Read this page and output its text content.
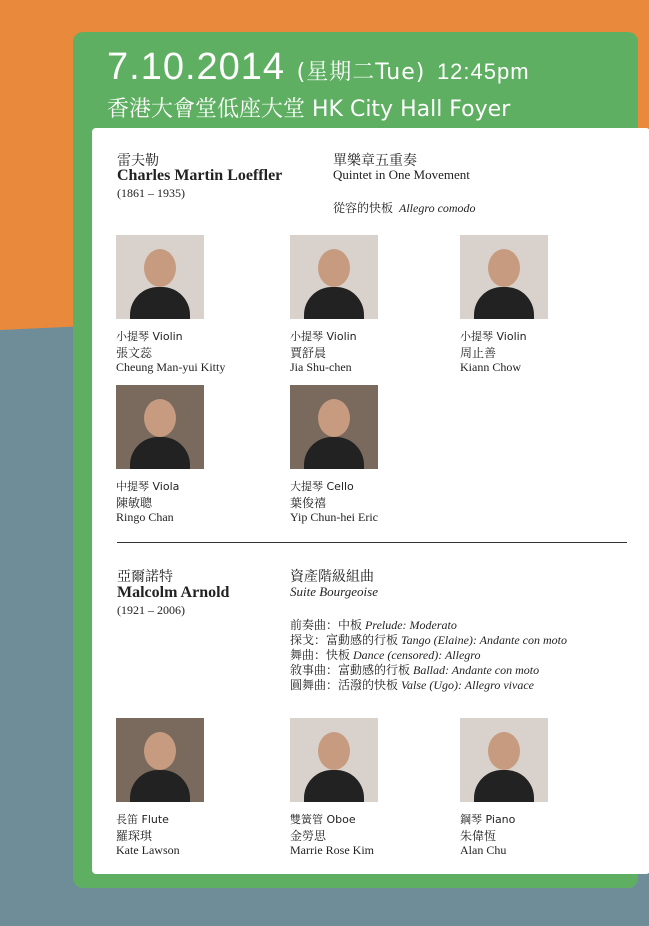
7.10.2014 (星期二Tue) 12:45pm
香港大會堂低座大堂 HK City Hall Foyer
雷夫勒
Charles Martin Loeffler
(1861 – 1935)
單樂章五重奏
Quintet in One Movement
從容的快板 Allegro comodo
小提琴 Violin
張文蕊
Cheung Man-yui Kitty
小提琴 Violin
賈舒晨
Jia Shu-chen
小提琴 Violin
周止善
Kiann Chow
中提琴 Viola
陳敏聰
Ringo Chan
大提琴 Cello
葉俊禧
Yip Chun-hei Eric
亞爾諾特
Malcolm Arnold
(1921 – 2006)
資產階級組曲
Suite Bourgeoise
前奏曲：中板 Prelude: Moderato
探戈：富動感的行板 Tango (Elaine): Andante con moto
舞曲：快板 Dance (censored): Allegro
敘事曲：富動感的行板 Ballad: Andante con moto
圓舞曲：活潑的快板 Valse (Ugo): Allegro vivace
長笛 Flute
羅琛琪
Kate Lawson
雙簧管 Oboe
金勞思
Marrie Rose Kim
鋼琴 Piano
朱偉恆
Alan Chu
